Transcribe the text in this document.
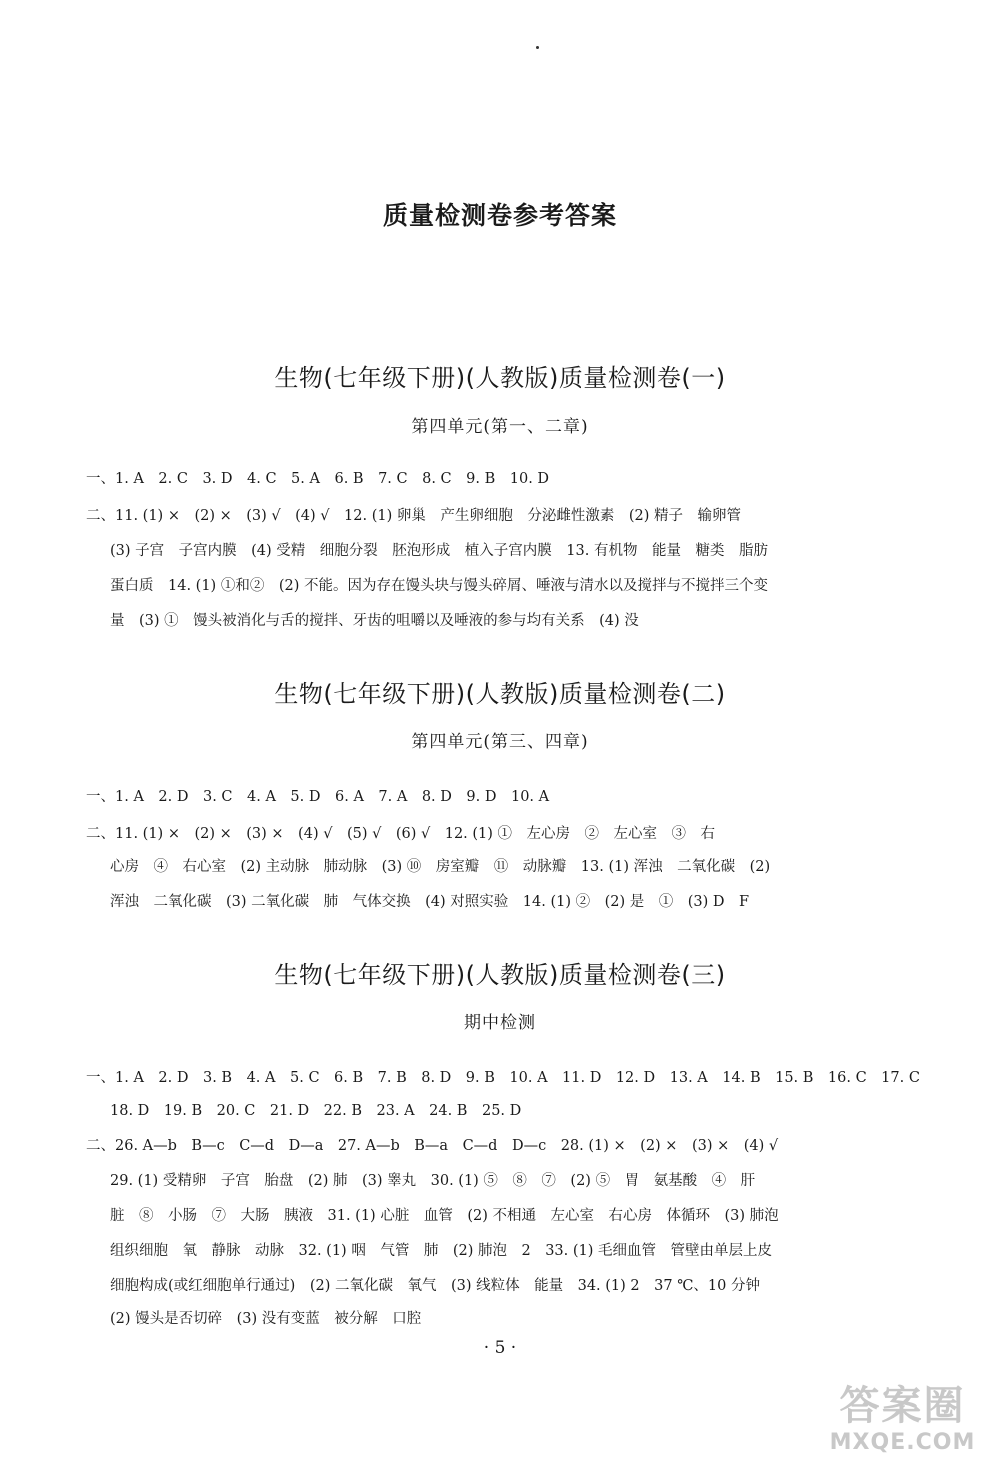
质量检测卷参考答案
生物(七年级下册)(人教版)质量检测卷(一)
第四单元(第一、二章)
一、1. A　2. C　3. D　4. C　5. A　6. B　7. C　8. C　9. B　10. D
二、11. (1) ×　(2) ×　(3) √　(4) √　12. (1) 卵巢　产生卵细胞　分泌雌性激素　(2) 精子　输卵管
(3) 子宫　子宫内膜　(4) 受精　细胞分裂　胚泡形成　植入子宫内膜　13. 有机物　能量　糖类　脂肪
蛋白质　14. (1) ①和②　(2) 不能。因为存在馒头块与馒头碎屑、唾液与清水以及搅拌与不搅拌三个变
量　(3) ①　馒头被消化与舌的搅拌、牙齿的咀嚼以及唾液的参与均有关系　(4) 没
生物(七年级下册)(人教版)质量检测卷(二)
第四单元(第三、四章)
一、1. A　2. D　3. C　4. A　5. D　6. A　7. A　8. D　9. D　10. A
二、11. (1) ×　(2) ×　(3) ×　(4) √　(5) √　(6) √　12. (1) ①　左心房　②　左心室　③　右
心房　④　右心室　(2) 主动脉　肺动脉　(3) ⑩　房室瓣　⑪　动脉瓣　13. (1) 浑浊　二氧化碳　(2)
浑浊　二氧化碳　(3) 二氧化碳　肺　气体交换　(4) 对照实验　14. (1) ②　(2) 是　①　(3) D　F
生物(七年级下册)(人教版)质量检测卷(三)
期中检测
一、1. A　2. D　3. B　4. A　5. C　6. B　7. B　8. D　9. B　10. A　11. D　12. D　13. A　14. B　15. B　16. C　17. C
18. D　19. B　20. C　21. D　22. B　23. A　24. B　25. D
二、26. A—b　B—c　C—d　D—a　27. A—b　B—a　C—d　D—c　28. (1) ×　(2) ×　(3) ×　(4) √
29. (1) 受精卵　子宫　胎盘　(2) 肺　(3) 睾丸　30. (1) ⑤　⑧　⑦　(2) ⑤　胃　氨基酸　④　肝
脏　⑧　小肠　⑦　大肠　胰液　31. (1) 心脏　血管　(2) 不相通　左心室　右心房　体循环　(3) 肺泡
组织细胞　氧　静脉　动脉　32. (1) 咽　气管　肺　(2) 肺泡　2　33. (1) 毛细血管　管壁由单层上皮
细胞构成(或红细胞单行通过)　(2) 二氧化碳　氧气　(3) 线粒体　能量　34. (1) 2　37 ℃、10 分钟
(2) 馒头是否切碎　(3) 没有变蓝　被分解　口腔
· 5 ·
答案圈
MXQE.COM
